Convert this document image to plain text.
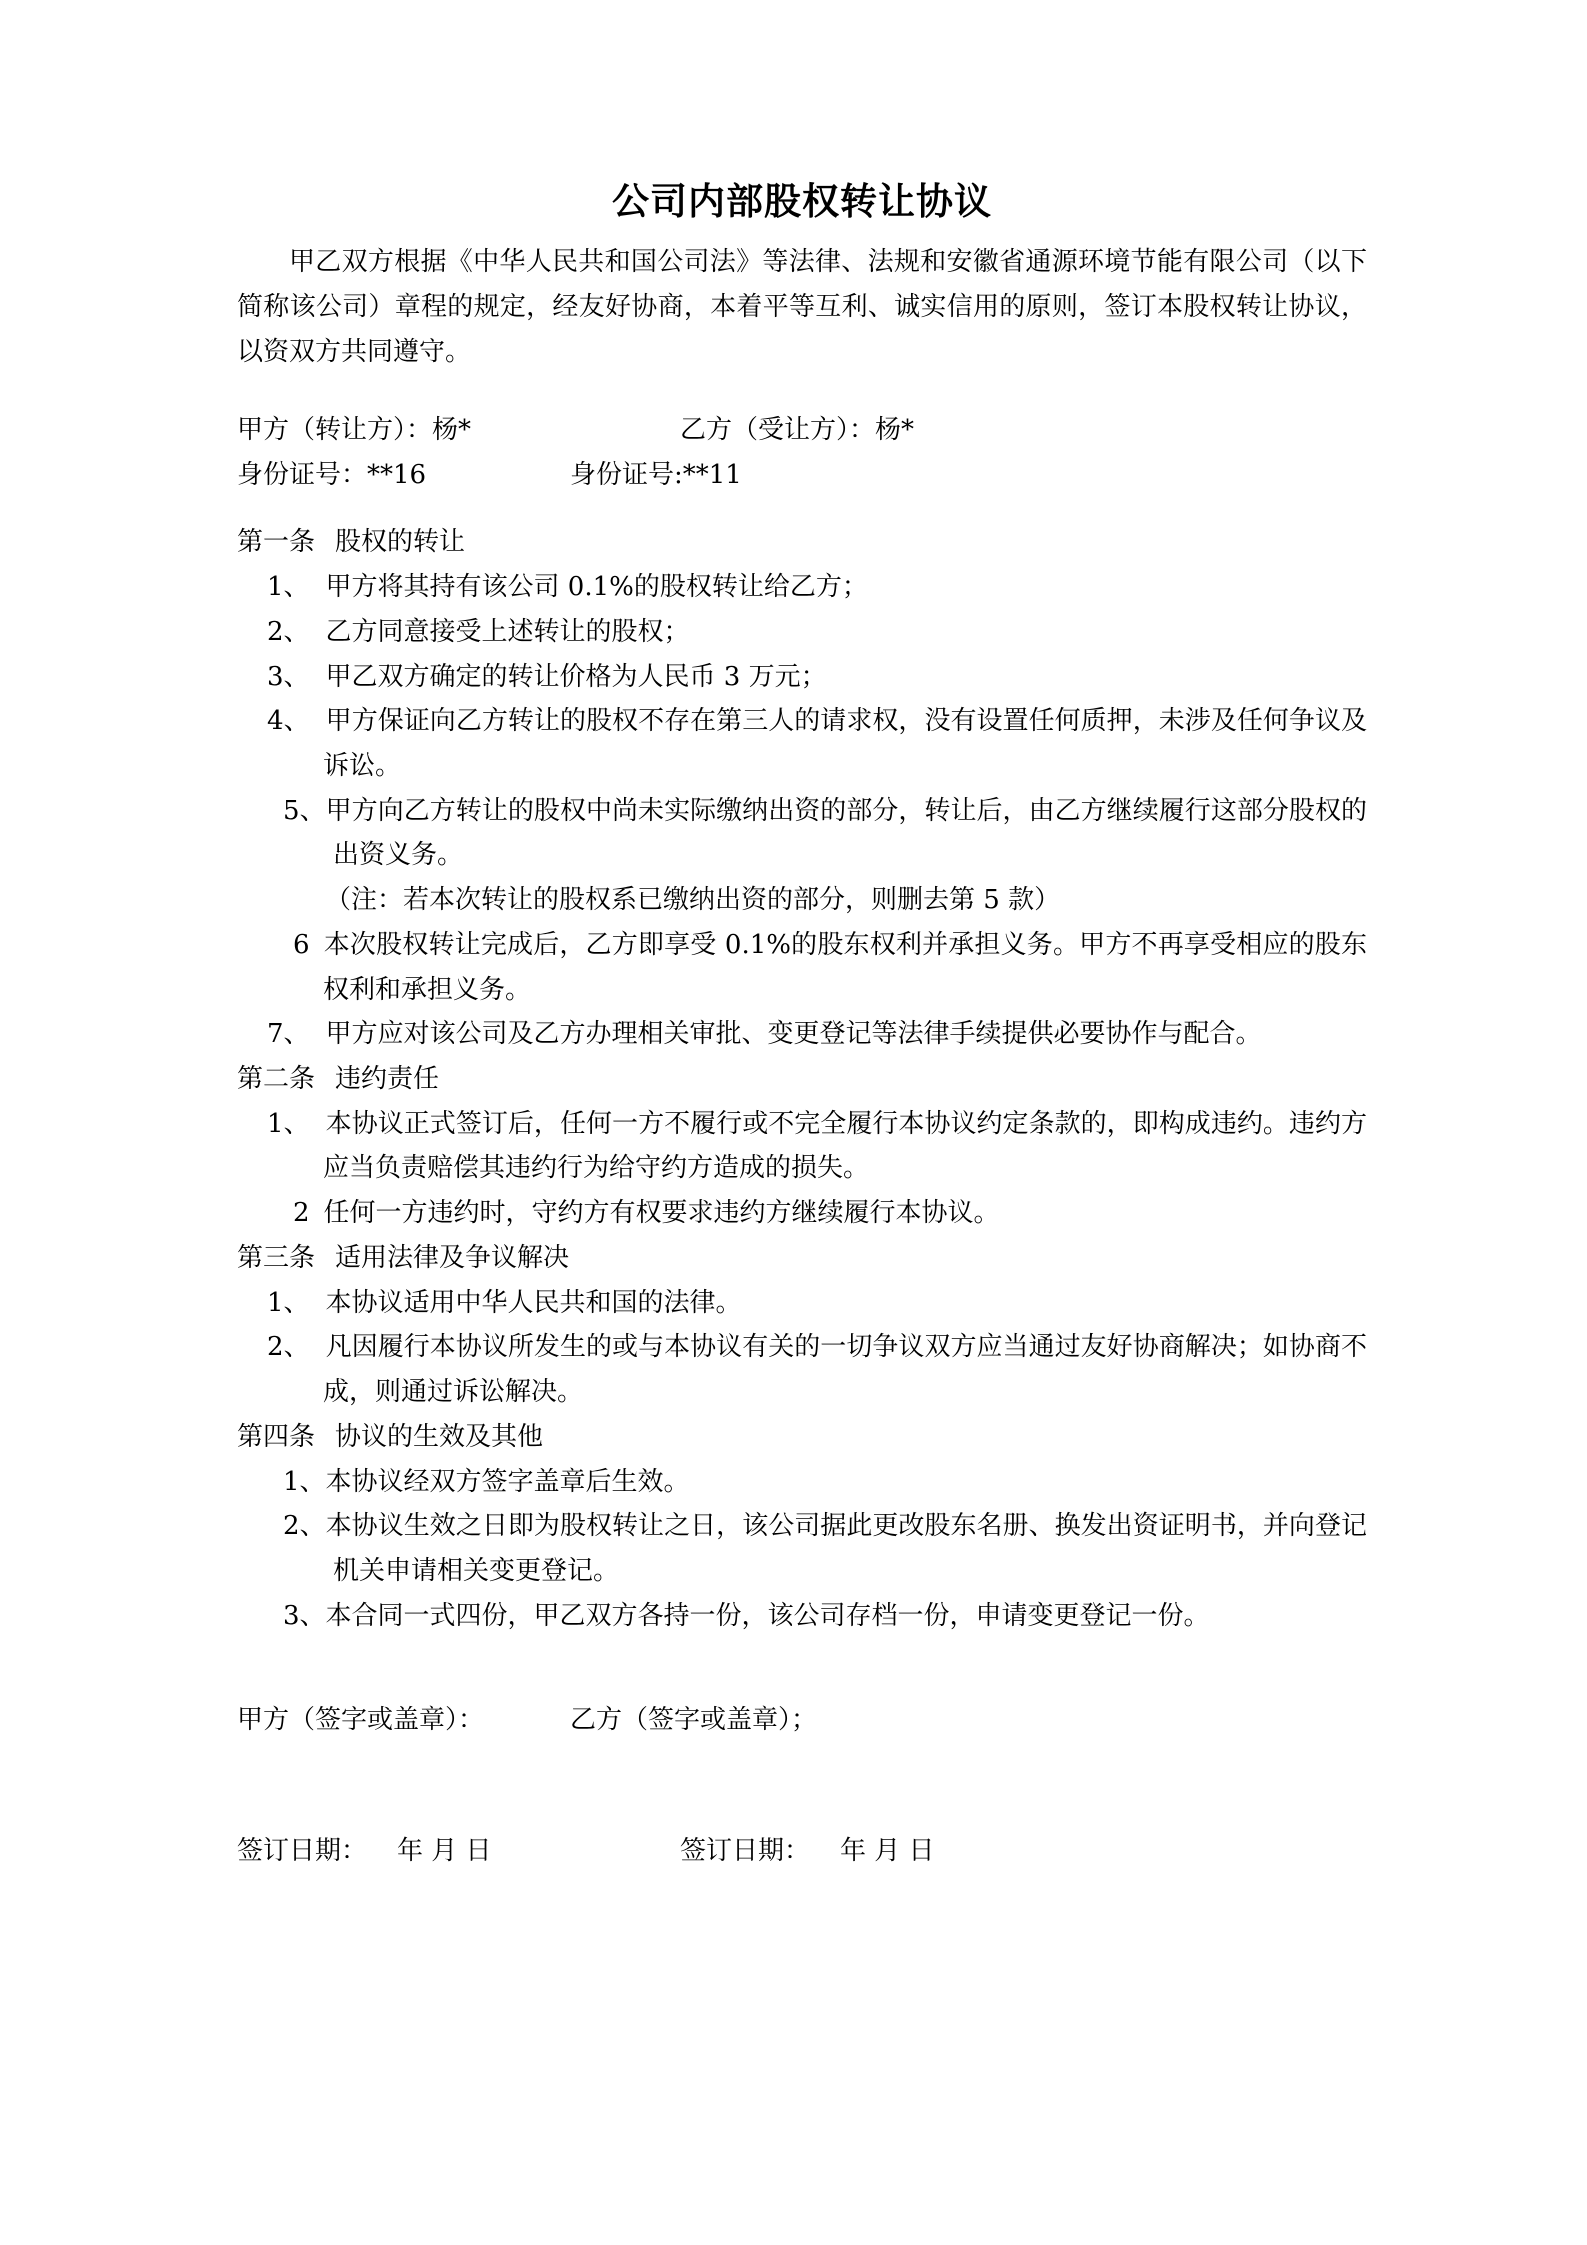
公司内部股权转让协议

甲乙双方根据《中华人民共和国公司法》等法律、法规和安徽省通源环境节能有限公司（以下简称该公司）章程的规定，经友好协商，本着平等互利、诚实信用的原则，签订本股权转让协议，以资双方共同遵守。

甲方（转让方）：杨*	乙方（受让方）：杨*
身份证号：**16	身份证号:**11

第一条 股权的转让

1、 甲方将其持有该公司 0.1%的股权转让给乙方；

2、 乙方同意接受上述转让的股权；

3、 甲乙双方确定的转让价格为人民币 3 万元；

4、 甲方保证向乙方转让的股权不存在第三人的请求权，没有设置任何质押，未涉及任何争议及诉讼。

5、甲方向乙方转让的股权中尚未实际缴纳出资的部分，转让后，由乙方继续履行这部分股权的出资义务。

（注：若本次转让的股权系已缴纳出资的部分，则删去第 5 款）

6 本次股权转让完成后，乙方即享受 0.1%的股东权利并承担义务。甲方不再享受相应的股东权利和承担义务。

7、 甲方应对该公司及乙方办理相关审批、变更登记等法律手续提供必要协作与配合。

第二条 违约责任

1、 本协议正式签订后，任何一方不履行或不完全履行本协议约定条款的，即构成违约。违约方应当负责赔偿其违约行为给守约方造成的损失。

2 任何一方违约时，守约方有权要求违约方继续履行本协议。

第三条 适用法律及争议解决

1、 本协议适用中华人民共和国的法律。

2、 凡因履行本协议所发生的或与本协议有关的一切争议双方应当通过友好协商解决；如协商不成，则通过诉讼解决。

第四条 协议的生效及其他

1、本协议经双方签字盖章后生效。

2、本协议生效之日即为股权转让之日，该公司据此更改股东名册、换发出资证明书，并向登记机关申请相关变更登记。

3、本合同一式四份，甲乙双方各持一份，该公司存档一份，申请变更登记一份。

甲方（签字或盖章）：	乙方（签字或盖章）；
签订日期： 年 月 日	签订日期： 年 月 日
